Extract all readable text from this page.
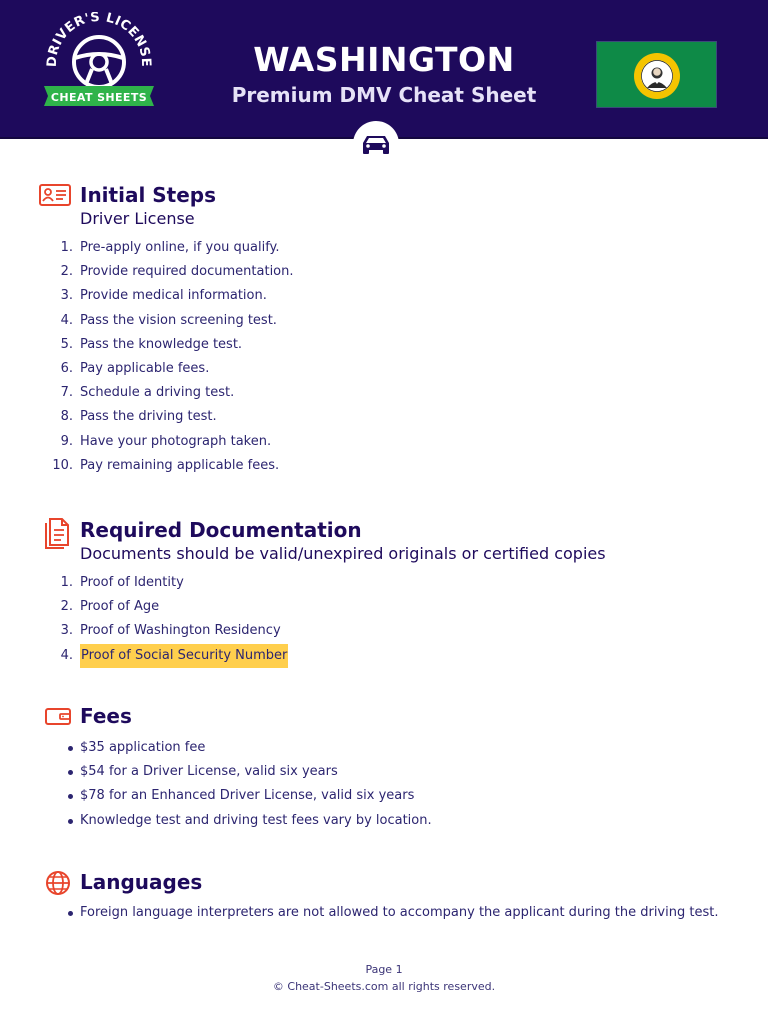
DRIVER'S LICENSE
CHEAT SHEETS
WASHINGTON
Premium DMV Cheat Sheet
Initial Steps
Driver License
1. Pre-apply online, if you qualify.
2. Provide required documentation.
3. Provide medical information.
4. Pass the vision screening test.
5. Pass the knowledge test.
6. Pay applicable fees.
7. Schedule a driving test.
8. Pass the driving test.
9. Have your photograph taken.
10. Pay remaining applicable fees.
Required Documentation
Documents should be valid/unexpired originals or certified copies
1. Proof of Identity
2. Proof of Age
3. Proof of Washington Residency
4. Proof of Social Security Number
Fees
$35 application fee
$54 for a Driver License, valid six years
$78 for an Enhanced Driver License, valid six years
Knowledge test and driving test fees vary by location.
Languages
Foreign language interpreters are not allowed to accompany the applicant during the driving test.
Page 1
© Cheat-Sheets.com all rights reserved.
